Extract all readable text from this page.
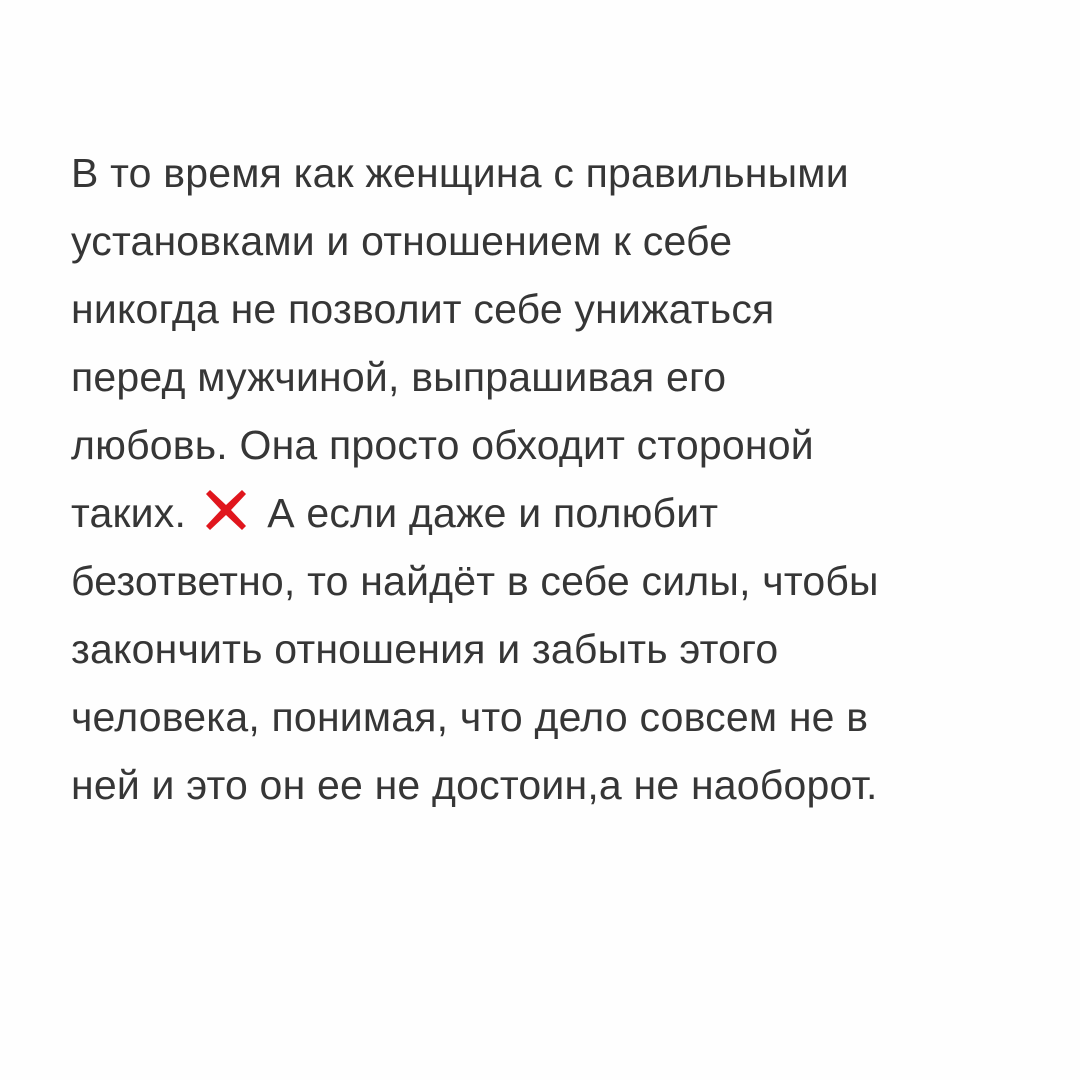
В то время как женщина с правильными
установками и отношением к себе
никогда не позволит себе унижаться
перед мужчиной, выпрашивая его
любовь. Она просто обходит стороной
таких. А если даже и полюбит
безответно, то найдёт в себе силы, чтобы
закончить отношения и забыть этого
человека, понимая, что дело совсем не в
ней и это он ее не достоин,а не наоборот.
